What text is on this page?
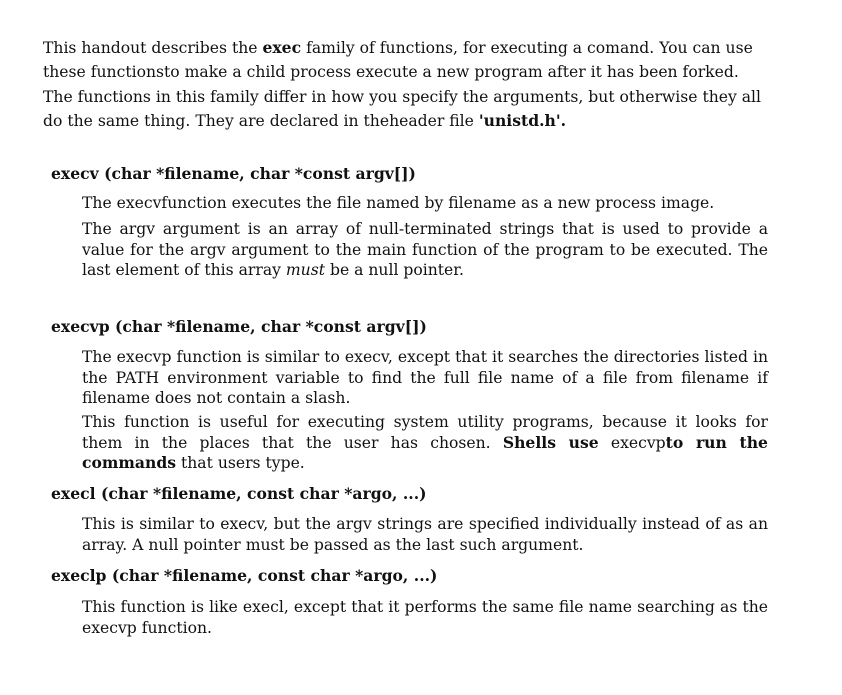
This handout describes the exec family of functions, for executing a comand. You can use these functionsto make a child process execute a new program after it has been forked. The functions in this family differ in how you specify the arguments, but otherwise they all do the same thing. They are declared in theheader file 'unistd.h'.

execv (char *filename, char *const argv[])

The execvfunction executes the file named by filename as a new process image.

The argv argument is an array of null-terminated strings that is used to provide a value for the argv argument to the main function of the program to be executed. The last element of this array must be a null pointer.

execvp (char *filename, char *const argv[])

The execvp function is similar to execv, except that it searches the directories listed in the PATH environment variable to find the full file name of a file from filename if filename does not contain a slash.

This function is useful for executing system utility programs, because it looks for them in the places that the user has chosen. Shells use execvpto run the commands that users type.

execl (char *filename, const char *argo, ...)

This is similar to execv, but the argv strings are specified individually instead of as an array. A null pointer must be passed as the last such argument.

execlp (char *filename, const char *argo, ...)

This function is like execl, except that it performs the same file name searching as the execvp function.
